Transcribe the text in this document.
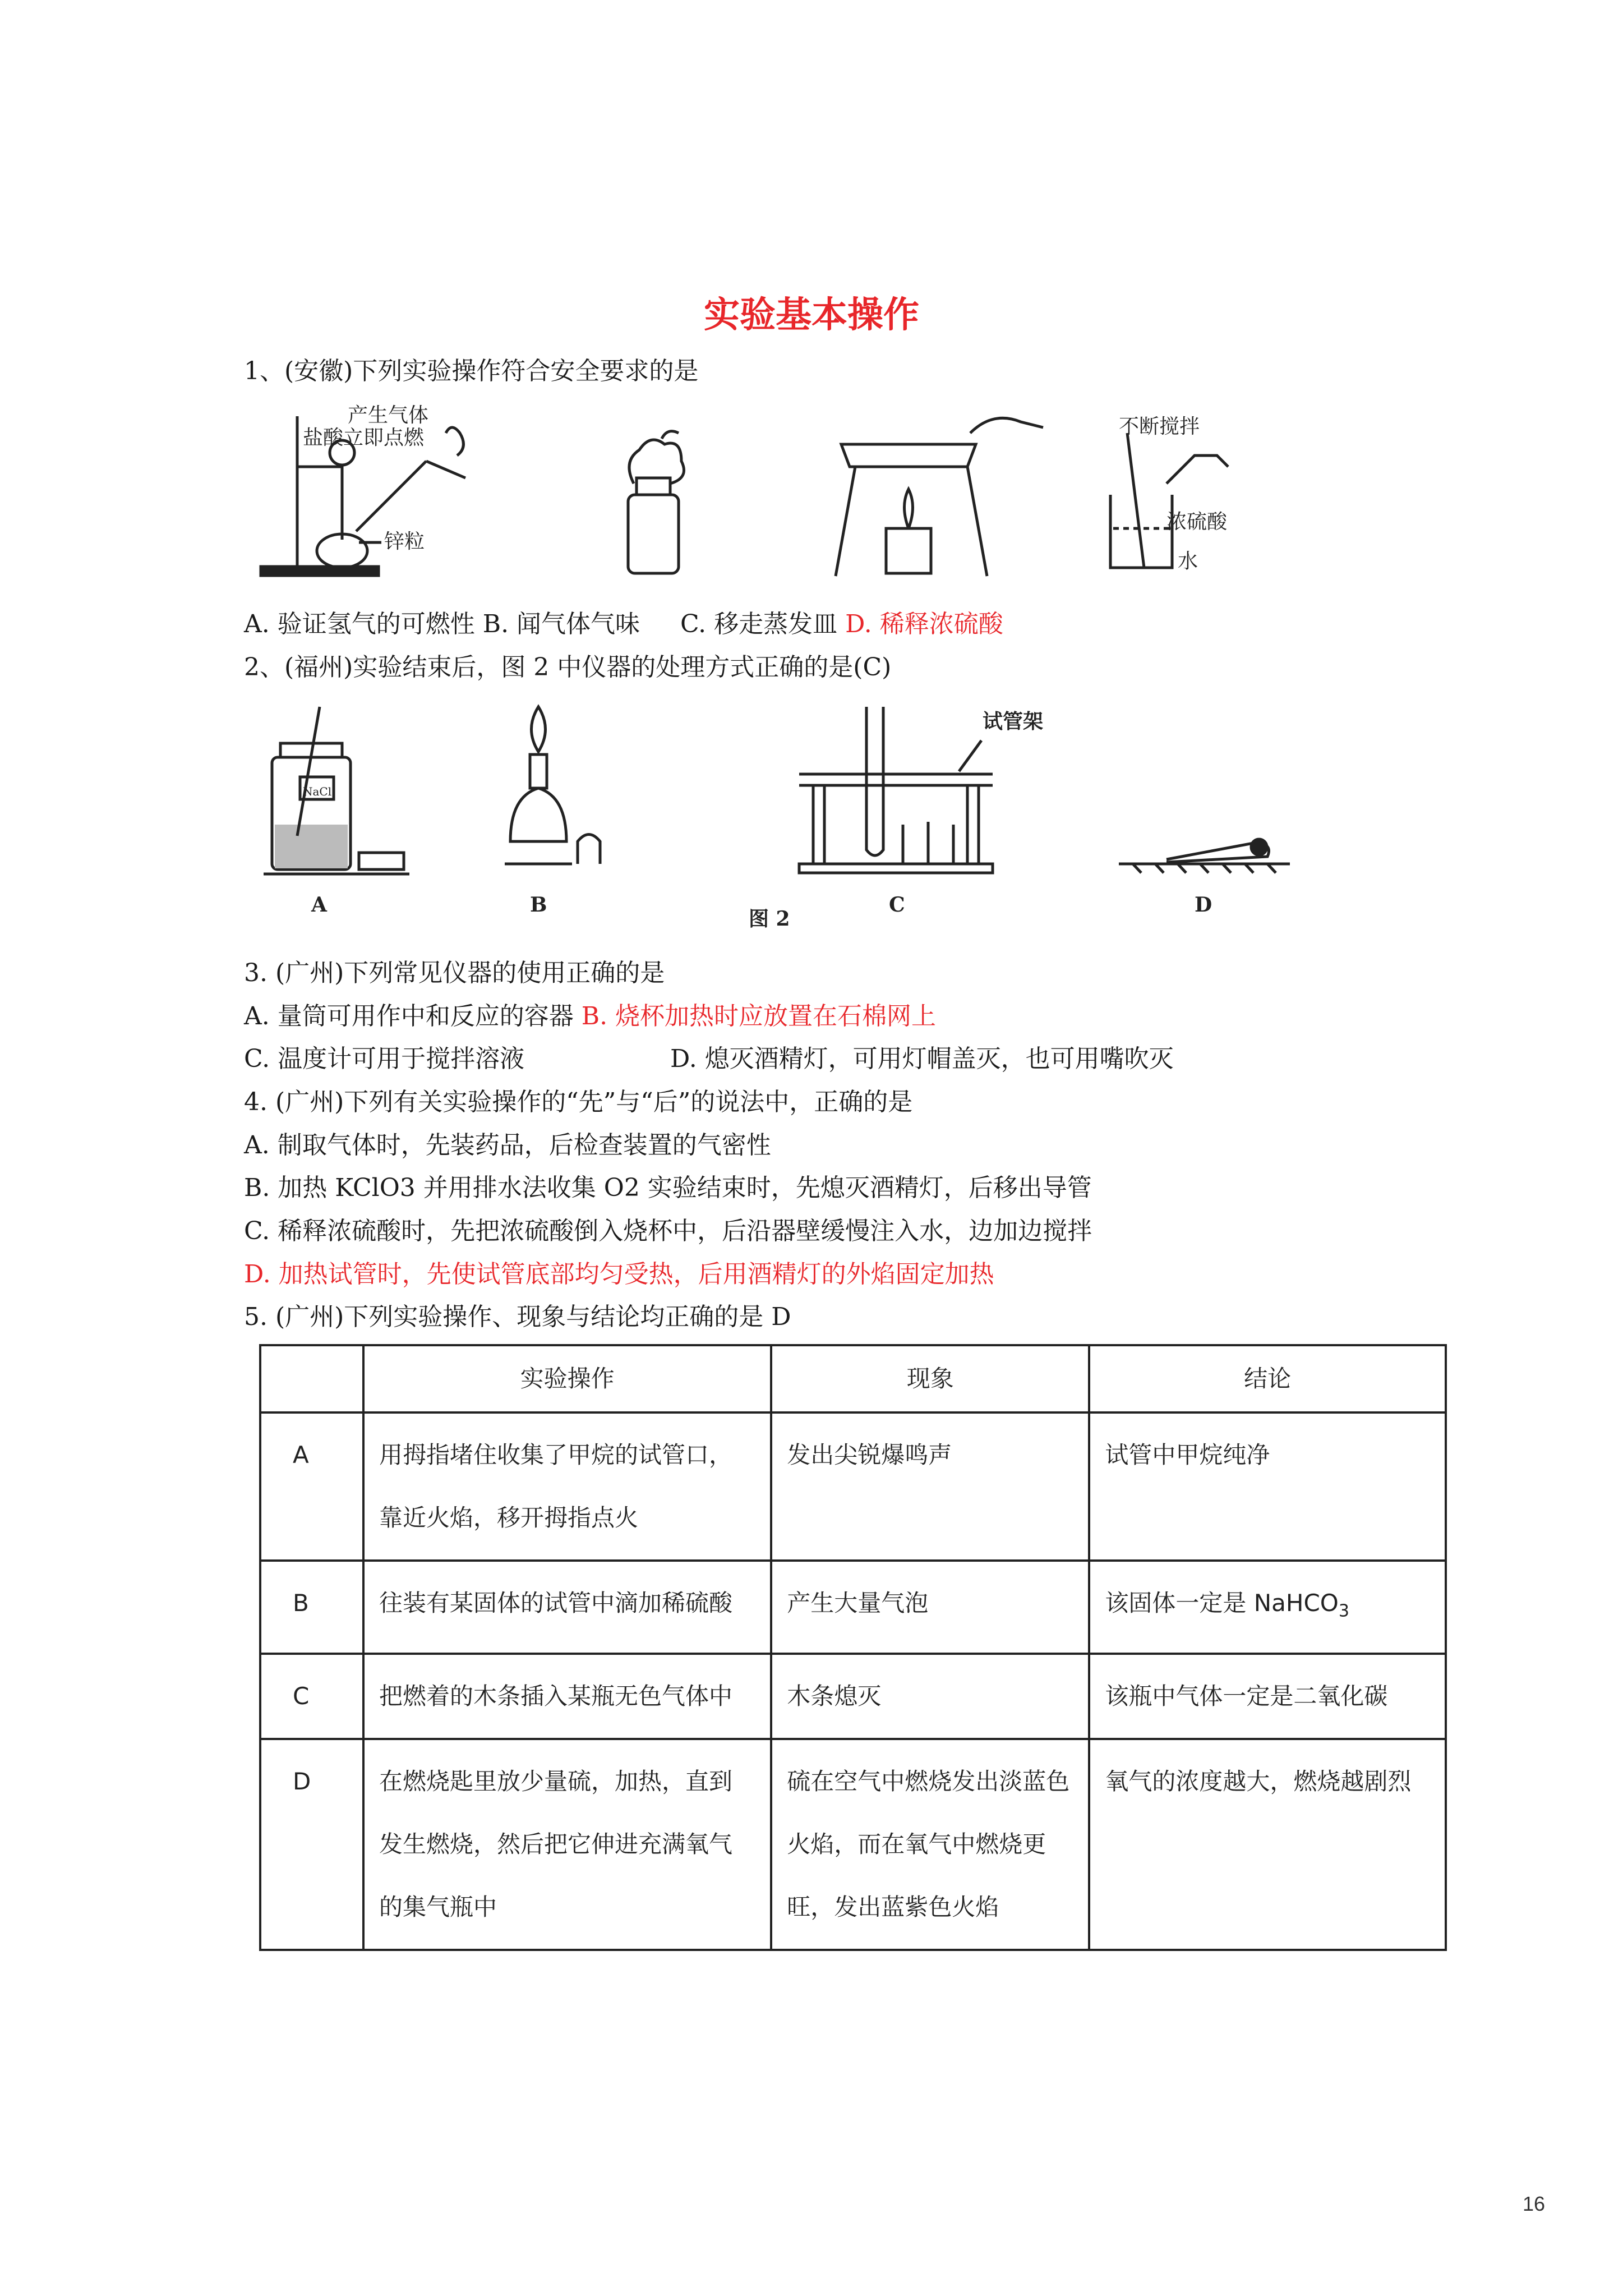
实验基本操作
1、(安徽)下列实验操作符合安全要求的是
产生气体
盐酸 立即点燃
锌粒
不断搅拌
浓硫酸
水
A. 验证氢气的可燃性 B. 闻气体气味 　 C. 移走蒸发皿 D. 稀释浓硫酸
2、(福州)实验结束后，图 2 中仪器的处理方式正确的是(C)
NaCl
A	B
试管架
C	D
图 2
3. (广州)下列常见仪器的使用正确的是
A. 量筒可用作中和反应的容器 B. 烧杯加热时应放置在石棉网上
C. 温度计可用于搅拌溶液	D. 熄灭酒精灯，可用灯帽盖灭，也可用嘴吹灭
4. (广州)下列有关实验操作的“先”与“后”的说法中，正确的是
A. 制取气体时，先装药品，后检查装置的气密性
B. 加热 KClO3 并用排水法收集 O2 实验结束时，先熄灭酒精灯，后移出导管
C. 稀释浓硫酸时，先把浓硫酸倒入烧杯中，后沿器壁缓慢注入水，边加边搅拌
D. 加热试管时，先使试管底部均匀受热，后用酒精灯的外焰固定加热
5. (广州)下列实验操作、现象与结论均正确的是 D
	实验操作	现象	结论
A	用拇指堵住收集了甲烷的试管口，靠近火焰，移开拇指点火	发出尖锐爆鸣声	试管中甲烷纯净
B	往装有某固体的试管中滴加稀硫酸	产生大量气泡	该固体一定是 NaHCO$_3$
C	把燃着的木条插入某瓶无色气体中	木条熄灭	该瓶中气体一定是二氧化碳
D	在燃烧匙里放少量硫，加热，直到发生燃烧，然后把它伸进充满氧气的集气瓶中	硫在空气中燃烧发出淡蓝色火焰，而在氧气中燃烧更旺，发出蓝紫色火焰	氧气的浓度越大，燃烧越剧烈
16
